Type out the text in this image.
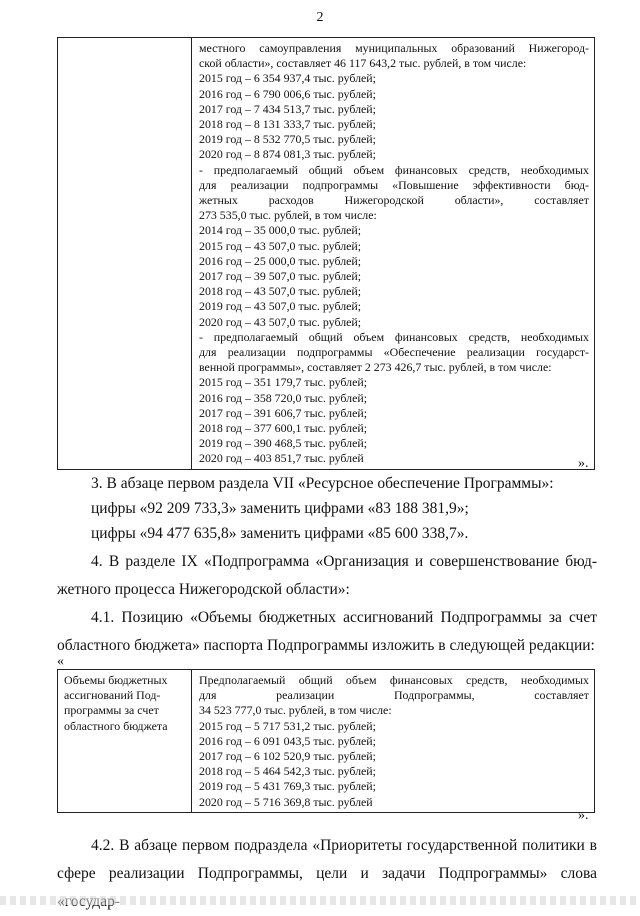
2

местного самоуправления муниципальных образований Нижегород-
ской области», составляет 46 117 643,2 тыс. рублей, в том числе:
2015 год – 6 354 937,4 тыс. рублей;
2016 год – 6 790 006,6 тыс. рублей;
2017 год – 7 434 513,7 тыс. рублей;
2018 год – 8 131 333,7 тыс. рублей;
2019 год – 8 532 770,5 тыс. рублей;
2020 год – 8 874 081,3 тыс. рублей;
- предполагаемый общий объем финансовых средств, необходимых
для реализации подпрограммы «Повышение эффективности бюд-
жетных расходов Нижегородской области», составляет
273 535,0 тыс. рублей, в том числе:
2014 год – 35 000,0 тыс. рублей;
2015 год – 43 507,0 тыс. рублей;
2016 год – 25 000,0 тыс. рублей;
2017 год – 39 507,0 тыс. рублей;
2018 год – 43 507,0 тыс. рублей;
2019 год – 43 507,0 тыс. рублей;
2020 год – 43 507,0 тыс. рублей;
- предполагаемый общий объем финансовых средств, необходимых
для реализации подпрограммы «Обеспечение реализации государст-
венной программы», составляет 2 273 426,7 тыс. рублей, в том числе:
2015 год – 351 179,7 тыс. рублей;
2016 год – 358 720,0 тыс. рублей;
2017 год – 391 606,7 тыс. рублей;
2018 год – 377 600,1 тыс. рублей;
2019 год – 390 468,5 тыс. рублей;
2020 год – 403 851,7 тыс. рублей	».
3. В абзаце первом раздела VII «Ресурсное обеспечение Программы»:
цифры «92 209 733,3» заменить цифрами «83 188 381,9»;
цифры «94 477 635,8» заменить цифрами «85 600 338,7».
4. В разделе IX «Подпрограмма «Организация и совершенствование бюд-
жетного процесса Нижегородской области»:
4.1. Позицию «Объемы бюджетных ассигнований Подпрограммы за счет
областного бюджета» паспорта Подпрограммы изложить в следующей редакции:
«
Объемы бюджетных
ассигнований Под-
программы за счет
областного бюджета

Предполагаемый общий объем финансовых средств, необходимых
для реализации Подпрограммы, составляет
34 523 777,0 тыс. рублей, в том числе:
2015 год – 5 717 531,2 тыс. рублей;
2016 год – 6 091 043,5 тыс. рублей;
2017 год – 6 102 520,9 тыс. рублей;
2018 год – 5 464 542,3 тыс. рублей;
2019 год – 5 431 769,3 тыс. рублей;
2020 год – 5 716 369,8 тыс. рублей
».
4.2. В абзаце первом подраздела «Приоритеты государственной политики в
сфере реализации Подпрограммы, цели и задачи Подпрограммы» слова
